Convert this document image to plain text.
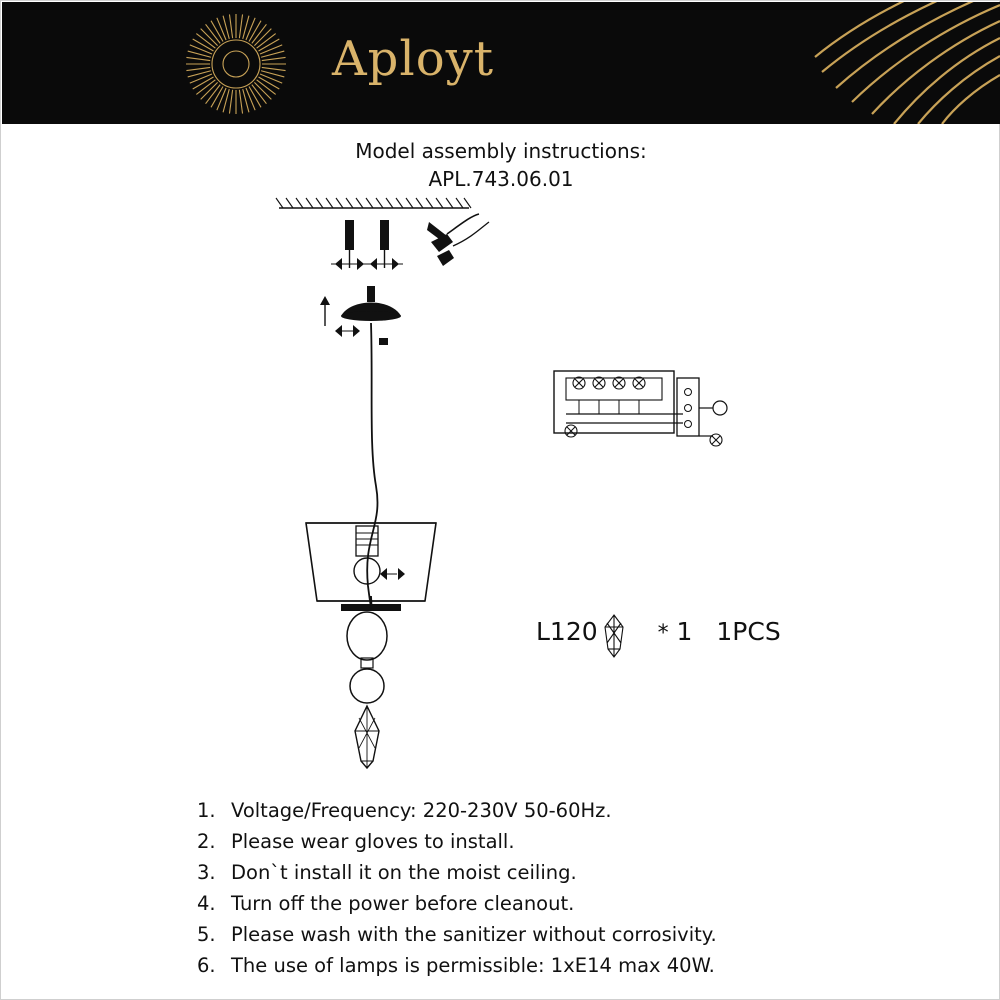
Aployt
Model assembly instructions:
APL.743.06.01
L120	* 1 1PCS
1. Voltage/Frequency: 220-230V 50-60Hz.
2. Please wear gloves to install.
3. Don`t install it on the moist ceiling.
4. Turn off the power before cleanout.
5. Please wash with the sanitizer without corrosivity.
6. The use of lamps is permissible: 1xE14 max 40W.
